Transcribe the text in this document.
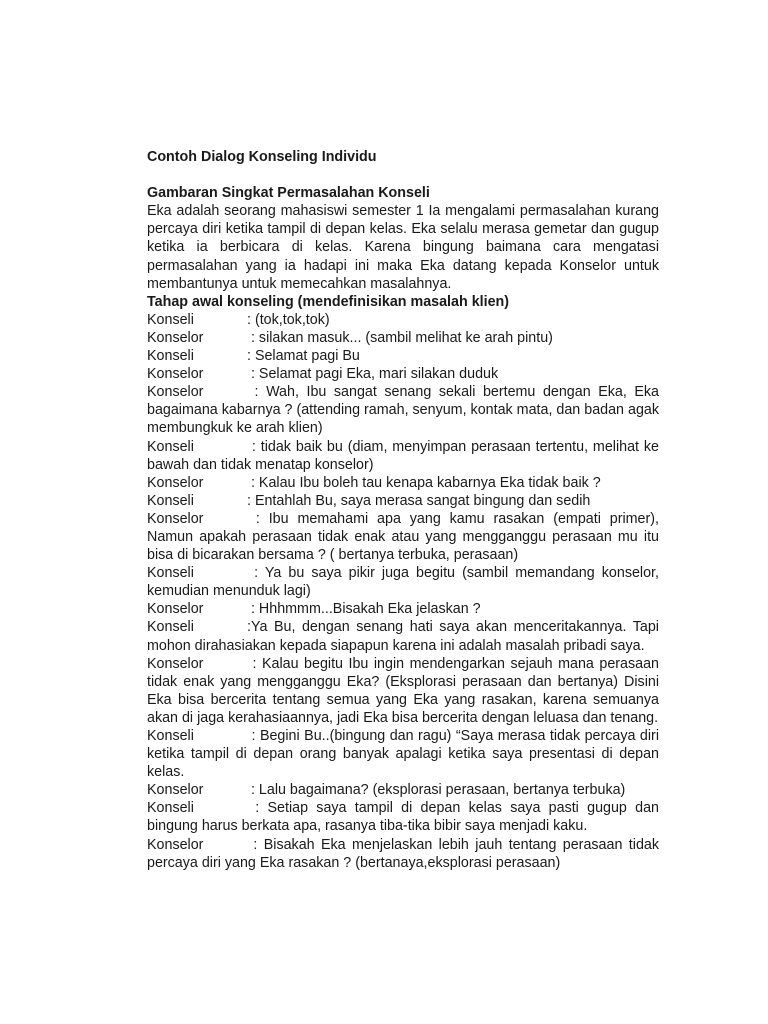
Contoh Dialog Konseling Individu

Gambaran Singkat Permasalahan Konseli

Eka adalah seorang mahasiswi semester 1 Ia mengalami permasalahan kurang percaya diri ketika tampil di depan kelas. Eka selalu merasa gemetar dan gugup ketika ia berbicara di kelas. Karena bingung baimana cara mengatasi permasalahan yang ia hadapi ini maka Eka datang kepada Konselor untuk membantunya untuk memecahkan masalahnya.

Tahap awal konseling (mendefinisikan masalah klien)

Konseli	: (tok,tok,tok)

Konselor	: silakan masuk... (sambil melihat ke arah pintu)

Konseli	: Selamat pagi Bu

Konselor	: Selamat pagi Eka, mari silakan duduk

Konselor	: Wah, Ibu sangat senang sekali bertemu dengan Eka, Eka bagaimana kabarnya ? (attending ramah, senyum, kontak mata, dan badan agak membungkuk ke arah klien)

Konseli	: tidak baik bu (diam, menyimpan perasaan tertentu, melihat ke bawah dan tidak menatap konselor)

Konselor	: Kalau Ibu boleh tau kenapa kabarnya Eka tidak baik ?

Konseli	: Entahlah Bu, saya merasa sangat bingung dan sedih

Konselor	: Ibu memahami apa yang kamu rasakan (empati primer), Namun apakah perasaan tidak enak atau yang mengganggu perasaan mu itu bisa di bicarakan bersama ? ( bertanya terbuka, perasaan)

Konseli	: Ya bu saya pikir juga begitu (sambil memandang konselor, kemudian menunduk lagi)

Konselor	: Hhhmmm...Bisakah Eka jelaskan ?

Konseli	:Ya Bu, dengan senang hati saya akan menceritakannya. Tapi mohon dirahasiakan kepada siapapun karena ini adalah masalah pribadi saya.

Konselor	: Kalau begitu Ibu ingin mendengarkan sejauh mana perasaan tidak enak yang mengganggu Eka? (Eksplorasi perasaan dan bertanya) Disini Eka bisa bercerita tentang semua yang Eka yang rasakan, karena semuanya akan di jaga kerahasiaannya, jadi Eka bisa bercerita dengan leluasa dan tenang.

Konseli	: Begini Bu..(bingung dan ragu) “Saya merasa tidak percaya diri ketika tampil di depan orang banyak apalagi ketika saya presentasi di depan kelas.

Konselor	: Lalu bagaimana? (eksplorasi perasaan, bertanya terbuka)

Konseli	: Setiap saya tampil di depan kelas saya pasti gugup dan bingung harus berkata apa, rasanya tiba-tika bibir saya menjadi kaku.

Konselor	: Bisakah Eka menjelaskan lebih jauh tentang perasaan tidak percaya diri yang Eka rasakan ? (bertanaya,eksplorasi perasaan)
